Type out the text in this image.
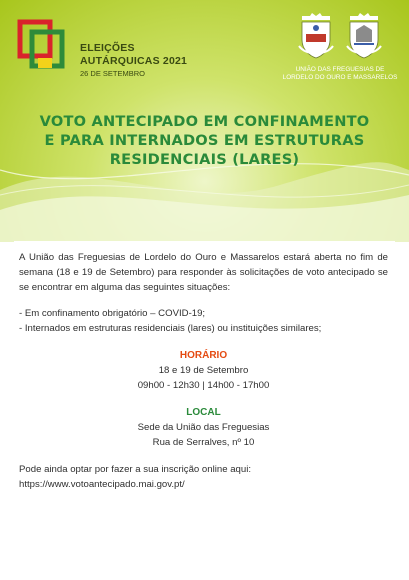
ELEIÇÕES
AUTÁRQUICAS 2021
26 DE SETEMBRO	UNIÃO DAS FREGUESIAS DE
LORDELO DO OURO E MASSARELOS
VOTO ANTECIPADO EM CONFINAMENTO
E PARA INTERNADOS EM ESTRUTURAS
RESIDENCIAIS (LARES)

A União das Freguesias de Lordelo do Ouro e Massarelos estará aberta no fim de semana (18 e 19 de Setembro) para responder às solicitações de voto antecipado se se encontrar em alguma das seguintes situações:

- Em confinamento obrigatório – COVID-19;

- Internados em estruturas residenciais (lares) ou instituições similares;

HORÁRIO
18 e 19 de Setembro
09h00 - 12h30 | 14h00 - 17h00
LOCAL
Sede da União das Freguesias
Rua de Serralves, nº 10
Pode ainda optar por fazer a sua inscrição online aqui:
https://www.votoantecipado.mai.gov.pt/
